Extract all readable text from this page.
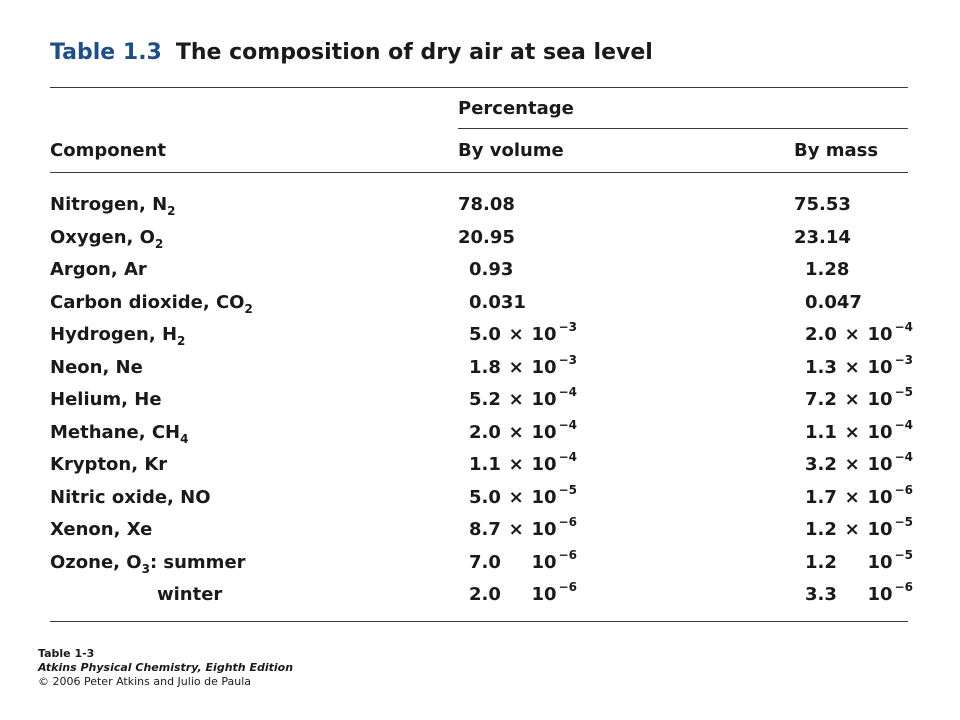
Table 1.3 The composition of dry air at sea level
Percentage
Component	By volume	By mass
Nitrogen, $N_2$	78.08	75.53
Oxygen, $O_2$	20.95	23.14
Argon, Ar	0.93	1.28
Carbon dioxide, $CO_2$	0.031	0.047
Hydrogen, $H_2$	5.0 × 10 $^{-3}$	2.0 × 10 $^{-4}$
Neon, Ne	1.8 × 10 $^{-3}$	1.3 × 10 $^{-3}$
Helium, He	5.2 × 10 $^{-4}$	7.2 × 10 $^{-5}$
Methane, $CH_4$	2.0 × 10 $^{-4}$	1.1 × 10 $^{-4}$
Krypton, Kr	1.1 × 10 $^{-4}$	3.2 × 10 $^{-4}$
Nitric oxide, NO	5.0 × 10 $^{-5}$	1.7 × 10 $^{-6}$
Xenon, Xe	8.7 × 10 $^{-6}$	1.2 × 10 $^{-5}$
Ozone, $O_3$: summer	7.0 10 $^{-6}$	1.2 10 $^{-5}$
winter	2.0 10 $^{-6}$	3.3 10 $^{-6}$
Table 1-3
Atkins Physical Chemistry, Eighth Edition
© 2006 Peter Atkins and Julio de Paula
